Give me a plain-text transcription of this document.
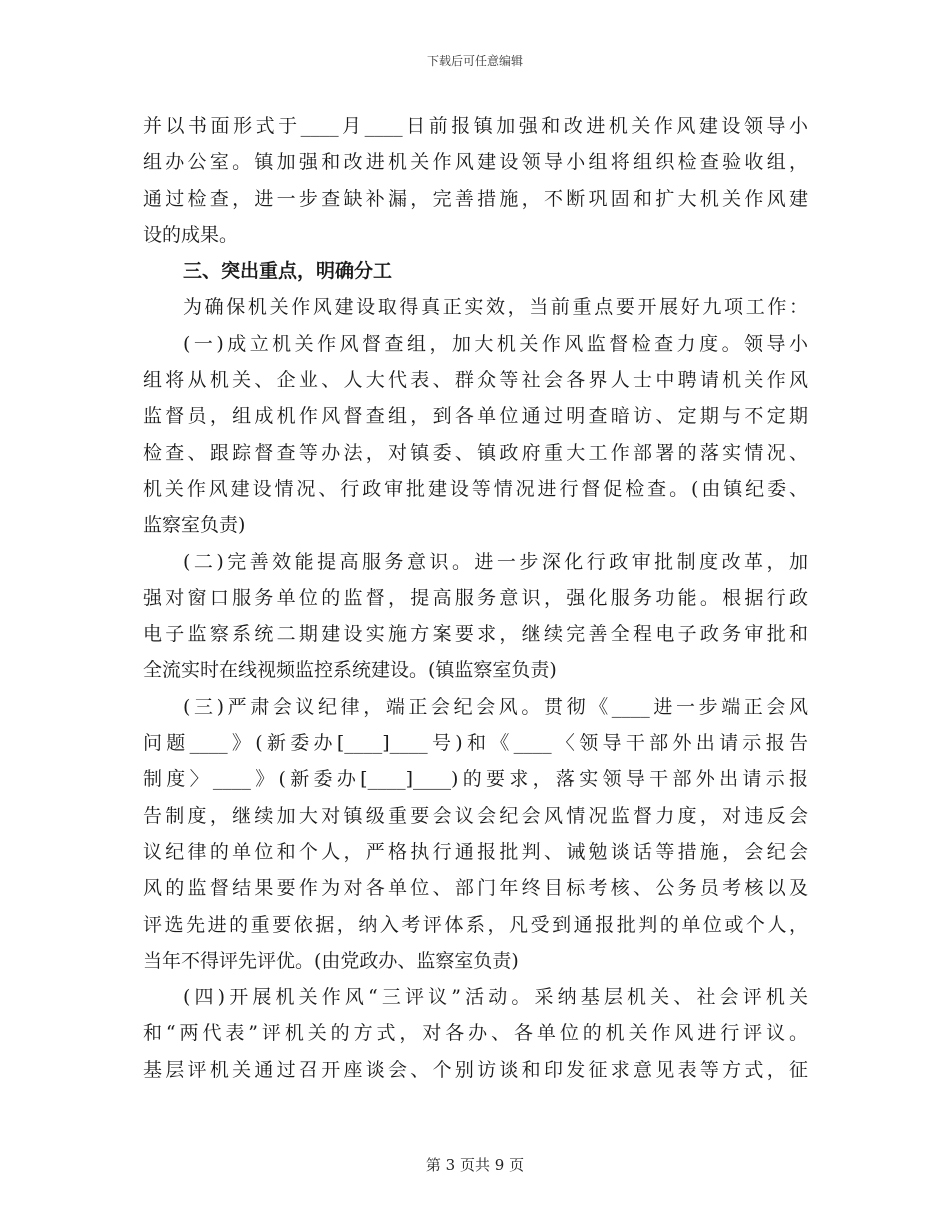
下载后可任意编辑

并以书面形式于____月____日前报镇加强和改进机关作风建设领导小
组办公室。镇加强和改进机关作风建设领导小组将组织检查验收组，
通过检查，进一步查缺补漏，完善措施，不断巩固和扩大机关作风建
设的成果。

三、突出重点，明确分工

为确保机关作风建设取得真正实效，当前重点要开展好九项工作：

(一)成立机关作风督查组，加大机关作风监督检查力度。领导小
组将从机关、企业、人大代表、群众等社会各界人士中聘请机关作风
监督员，组成机作风督查组，到各单位通过明查暗访、定期与不定期
检查、跟踪督查等办法，对镇委、镇政府重大工作部署的落实情况、
机关作风建设情况、行政审批建设等情况进行督促检查。(由镇纪委、
监察室负责)

(二)完善效能提高服务意识。进一步深化行政审批制度改革，加
强对窗口服务单位的监督，提高服务意识，强化服务功能。根据行政
电子监察系统二期建设实施方案要求，继续完善全程电子政务审批和
全流实时在线视频监控系统建设。(镇监察室负责)

(三)严肃会议纪律，端正会纪会风。贯彻《____进一步端正会风
问题____》(新委办[____]____号)和《____〈领导干部外出请示报告
制度〉____》(新委办[____]____)的要求，落实领导干部外出请示报
告制度，继续加大对镇级重要会议会纪会风情况监督力度，对违反会
议纪律的单位和个人，严格执行通报批判、诫勉谈话等措施，会纪会
风的监督结果要作为对各单位、部门年终目标考核、公务员考核以及
评选先进的重要依据，纳入考评体系，凡受到通报批判的单位或个人，
当年不得评先评优。(由党政办、监察室负责)

(四)开展机关作风“三评议”活动。采纳基层机关、社会评机关
和“两代表”评机关的方式，对各办、各单位的机关作风进行评议。
基层评机关通过召开座谈会、个别访谈和印发征求意见表等方式，征

第 3 页共 9 页
